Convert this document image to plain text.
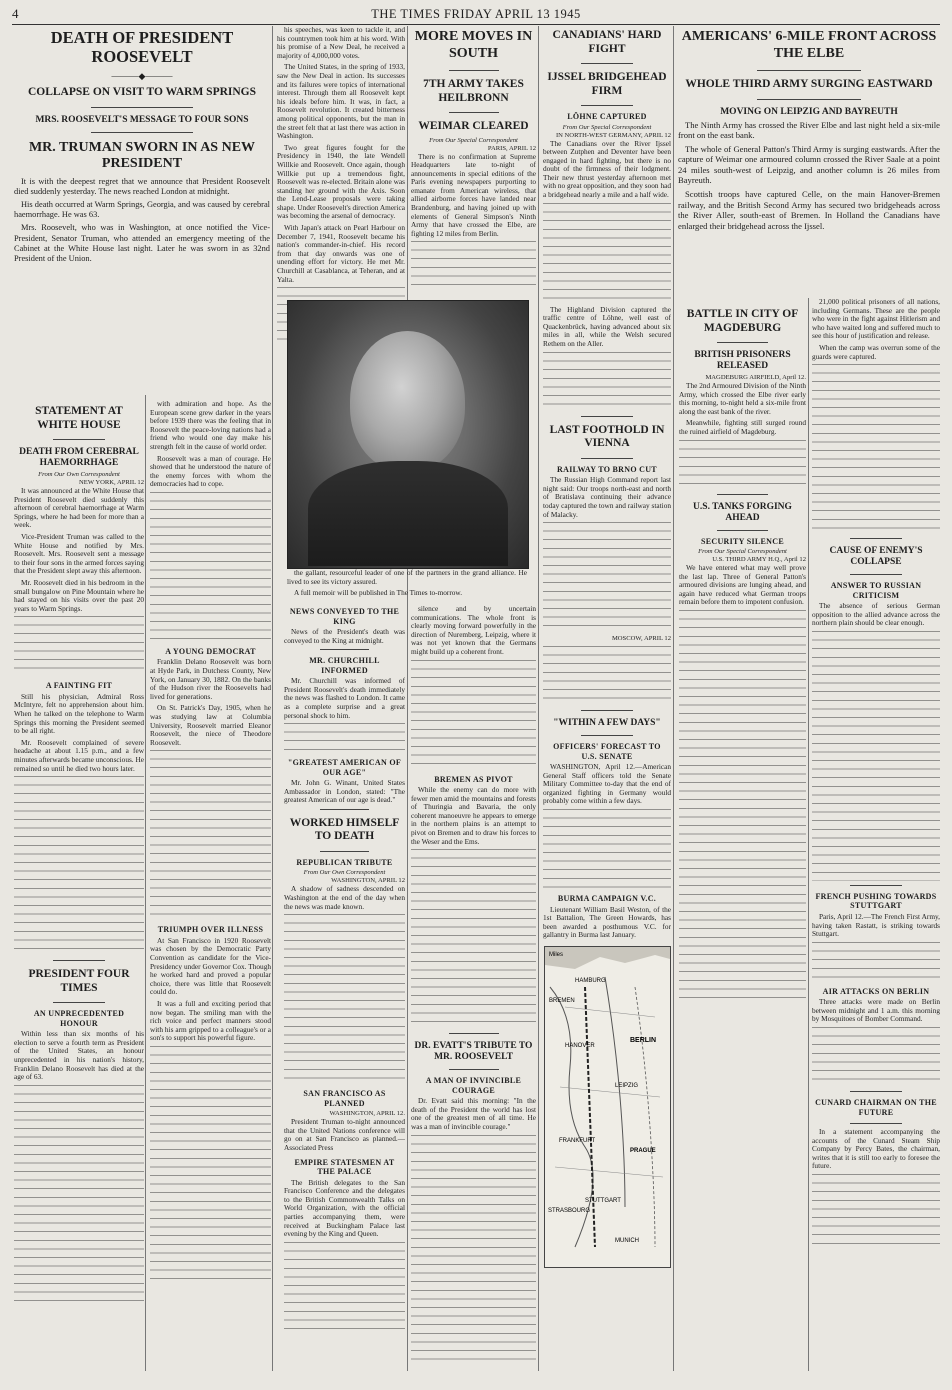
4	THE TIMES FRIDAY APRIL 13 1945
DEATH OF PRESIDENT ROOSEVELT
———◆———
COLLAPSE ON VISIT TO WARM SPRINGS
MRS. ROOSEVELT'S MESSAGE TO FOUR SONS
MR. TRUMAN SWORN IN AS NEW PRESIDENT

It is with the deepest regret that we announce that President Roosevelt died suddenly yesterday. The news reached London at midnight.

His death occurred at Warm Springs, Georgia, and was caused by cerebral haemorrhage. He was 63.

Mrs. Roosevelt, who was in Washington, at once notified the Vice-President, Senator Truman, who attended an emergency meeting of the Cabinet at the White House last night. Later he was sworn in as 32nd President of the Union.

STATEMENT AT WHITE HOUSE
DEATH FROM CEREBRAL HAEMORRHAGE
From Our Own Correspondent
NEW YORK, APRIL 12

It was announced at the White House that President Roosevelt died suddenly this afternoon of cerebral haemorrhage at Warm Springs, where he had been for more than a week.

Vice-President Truman was called to the White House and notified by Mrs. Roosevelt. Mrs. Roosevelt sent a message to their four sons in the armed forces saying that the President slept away this afternoon.

Mr. Roosevelt died in his bedroom in the small bungalow on Pine Mountain where he had stayed on his visits over the past 20 years to Warm Springs.

A FAINTING FIT

Still his physician, Admiral Ross McIntyre, felt no apprehension about him. When he talked on the telephone to Warm Springs this morning the President seemed to be all right.

Mr. Roosevelt complained of severe headache at about 1.15 p.m., and a few minutes afterwards became unconscious. He remained so until he died two hours later.

PRESIDENT FOUR TIMES
AN UNPRECEDENTED HONOUR

Within less than six months of his election to serve a fourth term as President of the United States, an honour unprecedented in his nation's history, Franklin Delano Roosevelt has died at the age of 63.

his speeches, was keen to tackle it, and his countrymen took him at his word. With his promise of a New Deal, he received a majority of 4,000,000 votes.

The United States, in the spring of 1933, saw the New Deal in action. Its successes and its failures were topics of international interest. Through them all Roosevelt kept his ideals before him. It was, in fact, a Roosevelt revolution. It created bitterness among political opponents, but the man in the street felt that at last there was action in Washington.

Two great figures fought for the Presidency in 1940, the late Wendell Willkie and Roosevelt. Once again, though Willkie put up a tremendous fight, Roosevelt was re-elected. Britain alone was standing her ground with the Axis. Soon the Lend-Lease proposals were taking shape. Under Roosevelt's direction America was becoming the arsenal of democracy.

With Japan's attack on Pearl Harbour on December 7, 1941, Roosevelt became his nation's commander-in-chief. His record from that day onwards was one of unending effort for victory. He met Mr. Churchill at Casablanca, at Teheran, and at Yalta.

with admiration and hope. As the European scene grew darker in the years before 1939 there was the feeling that in Roosevelt the peace-loving nations had a friend who would one day make his strength felt in the cause of world order.

Roosevelt was a man of courage. He showed that he understood the nature of the enemy forces with whom the democracies had to cope.

A YOUNG DEMOCRAT

Franklin Delano Roosevelt was born at Hyde Park, in Dutchess County, New York, on January 30, 1882. On the banks of the Hudson river the Roosevelts had lived for generations.

On St. Patrick's Day, 1905, when he was studying law at Columbia University, Roosevelt married Eleanor Roosevelt, the niece of Theodore Roosevelt.

TRIUMPH OVER ILLNESS

At San Francisco in 1920 Roosevelt was chosen by the Democratic Party Convention as candidate for the Vice-Presidency under Governor Cox. Though he worked hard and proved a popular choice, there was little that Roosevelt could do.

It was a full and exciting period that now began. The smiling man with the rich voice and perfect manners stood with his arm gripped to a colleague's or a son's to support his powerful figure.

MORE MOVES IN SOUTH
7TH ARMY TAKES HEILBRONN
WEIMAR CLEARED
From Our Special Correspondent
PARIS, APRIL 12

There is no confirmation at Supreme Headquarters late to-night of announcements in special editions of the Paris evening newspapers purporting to emanate from American wireless, that allied airborne forces have landed near Brandenburg, and having joined up with elements of General Simpson's Ninth Army that have crossed the Elbe, are fighting 12 miles from Berlin.

the gallant, resourceful leader of one of the partners in the grand alliance. He lived to see its victory assured.

A full memoir will be published in The Times to-morrow.

NEWS CONVEYED TO THE KING

News of the President's death was conveyed to the King at midnight.

MR. CHURCHILL INFORMED

Mr. Churchill was informed of President Roosevelt's death immediately the news was flashed to London. It came as a complete surprise and a great personal shock to him.

"GREATEST AMERICAN OF OUR AGE"

Mr. John G. Winant, United States Ambassador in London, stated: "The greatest American of our age is dead."

WORKED HIMSELF TO DEATH
REPUBLICAN TRIBUTE
From Our Own Correspondent
WASHINGTON, APRIL 12

A shadow of sadness descended on Washington at the end of the day when the news was made known.

SAN FRANCISCO AS PLANNED
WASHINGTON, APRIL 12.

President Truman to-night announced that the United Nations conference will go on at San Francisco as planned.—Associated Press

EMPIRE STATESMEN AT THE PALACE

The British delegates to the San Francisco Conference and the delegates to the British Commonwealth Talks on World Organization, with the official parties accompanying them, were received at Buckingham Palace last evening by the King and Queen.

silence and by uncertain communications. The whole front is clearly moving forward powerfully in the direction of Nuremberg, Leipzig, where it was not yet known that the Germans might build up a coherent front.

BREMEN AS PIVOT

While the enemy can do more with fewer men amid the mountains and forests of Thuringia and Bavaria, the only coherent manoeuvre he appears to emerge in the northern plains is an attempt to pivot on Bremen and to draw his forces to the Weser and the Ems.

DR. EVATT'S TRIBUTE TO MR. ROOSEVELT
A MAN OF INVINCIBLE COURAGE

Dr. Evatt said this morning: "In the death of the President the world has lost one of the greatest men of all time. He was a man of invincible courage."

CANADIANS' HARD FIGHT
IJSSEL BRIDGEHEAD FIRM
LÖHNE CAPTURED
From Our Special Correspondent
IN NORTH-WEST GERMANY, APRIL 12

The Canadians over the River Ijssel between Zutphen and Deventer have been engaged in hard fighting, but there is no doubt of the firmness of their lodgment. Their new thrust yesterday afternoon met with no great opposition, and they soon had a bridgehead nearly a mile and a half wide.

The Highland Division captured the traffic centre of Löhne, well east of Quackenbrück, having advanced about six miles in all, while the Welsh secured Rethem on the Aller.

LAST FOOTHOLD IN VIENNA
RAILWAY TO BRNO CUT

The Russian High Command report last night said: Our troops north-east and north of Bratislava continuing their advance today captured the town and railway station of Malacky.

MOSCOW, APRIL 12
"WITHIN A FEW DAYS"
OFFICERS' FORECAST TO U.S. SENATE

WASHINGTON, April 12.—American General Staff officers told the Senate Military Committee to-day that the end of organized fighting in Germany would probably come within a few days.

BURMA CAMPAIGN V.C.

Lieutenant William Basil Weston, of the 1st Battalion, The Green Howards, has been awarded a posthumous V.C. for gallantry in Burma last January.

Miles
HAMBURG
BREMEN
BERLIN
HANOVER
LEIPZIG
FRANKFURT
PRAGUE
STRASBOURG
STUTTGART
MUNICH
AMERICANS' 6-MILE FRONT ACROSS THE ELBE
WHOLE THIRD ARMY SURGING EASTWARD
MOVING ON LEIPZIG AND BAYREUTH

The Ninth Army has crossed the River Elbe and last night held a six-mile front on the east bank.

The whole of General Patton's Third Army is surging eastwards. After the capture of Weimar one armoured column crossed the River Saale at a point 24 miles south-west of Leipzig, and another column is 26 miles from Bayreuth.

Scottish troops have captured Celle, on the main Hanover-Bremen railway, and the British Second Army has secured two bridgeheads across the River Aller, south-east of Bremen. In Holland the Canadians have enlarged their bridgehead across the Ijssel.

BATTLE IN CITY OF MAGDEBURG
BRITISH PRISONERS RELEASED
MAGDEBURG AIRFIELD, April 12.

The 2nd Armoured Division of the Ninth Army, which crossed the Elbe river early this morning, to-night held a six-mile front along the east bank of the river.

Meanwhile, fighting still surged round the ruined airfield of Magdeburg.

U.S. TANKS FORGING AHEAD
SECURITY SILENCE
From Our Special Correspondent
U.S. THIRD ARMY H.Q., April 12

We have entered what may well prove the last lap. Three of General Patton's armoured divisions are lunging ahead, and again have reduced what German troops remain before them to impotent confusion.

21,000 political prisoners of all nations, including Germans. These are the people who were in the fight against Hitlerism and who have waited long and suffered much to see this hour of justification and release.

When the camp was overrun some of the guards were captured.

CAUSE OF ENEMY'S COLLAPSE
ANSWER TO RUSSIAN CRITICISM

The absence of serious German opposition to the allied advance across the northern plain should be clear enough.

FRENCH PUSHING TOWARDS STUTTGART

Paris, April 12.—The French First Army, having taken Rastatt, is striking towards Stuttgart.

AIR ATTACKS ON BERLIN

Three attacks were made on Berlin between midnight and 1 a.m. this morning by Mosquitoes of Bomber Command.

CUNARD CHAIRMAN ON THE FUTURE

In a statement accompanying the accounts of the Cunard Steam Ship Company by Percy Bates, the chairman, writes that it is still too early to foresee the future.
